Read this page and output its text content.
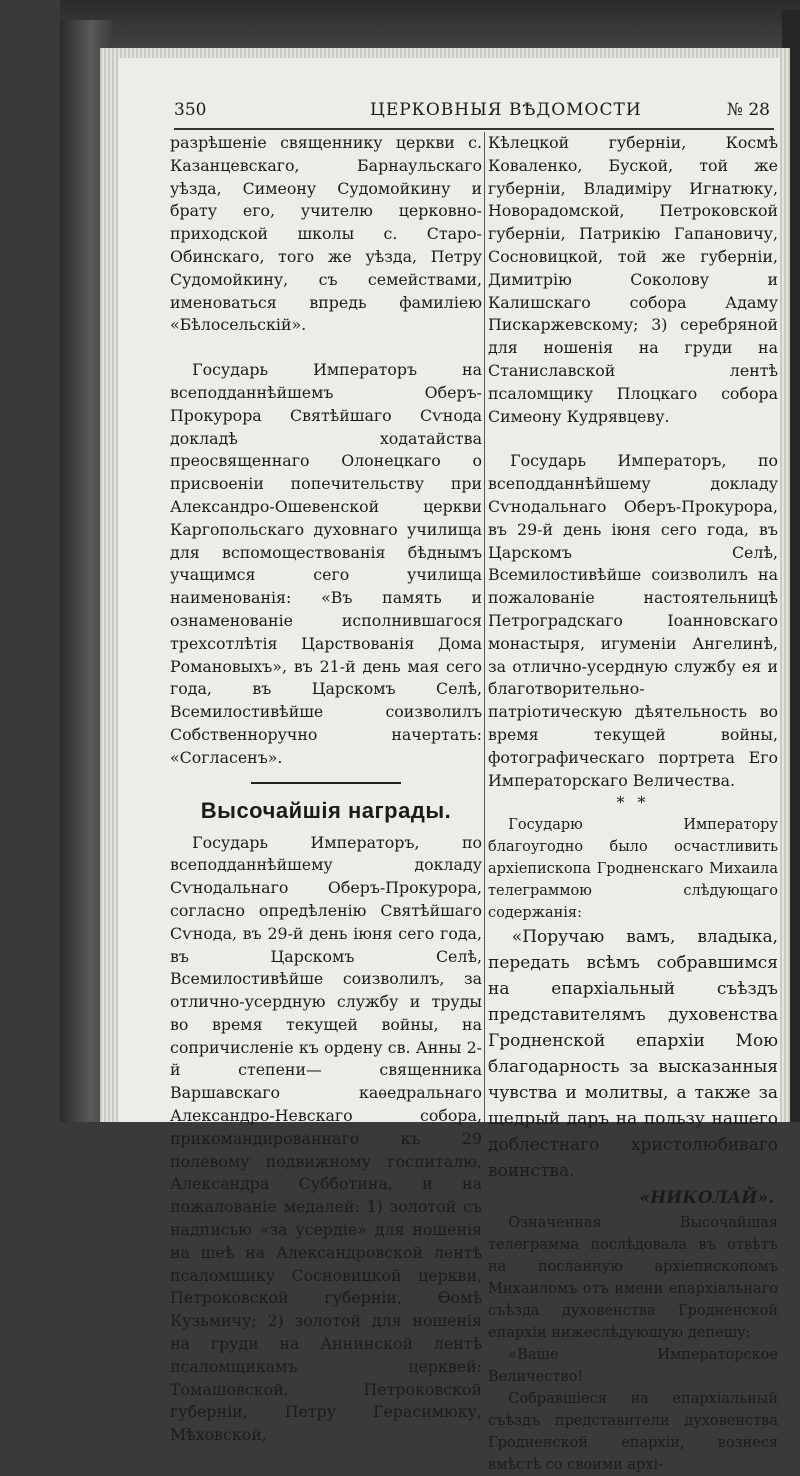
350	ЦЕРКОВНЫЯ ВѢДОМОСТИ	№ 28

разрѣшеніе священнику церкви с. Казанцевскаго, Барнаульскаго уѣзда, Симеону Судомойкину и брату его, учителю церковно-приходской школы с. Старо-Обинскаго, того же уѣзда, Петру Судомойкину, съ семействами, именоваться впредь фамиліею «Бѣлосельскій».

Государь Императоръ на всеподданнѣйшемъ Оберъ-Прокурора Святѣйшаго Сѵнода докладѣ ходатайства преосвященнаго Олонецкаго о присвоеніи попечительству при Александро-Ошевенской церкви Каргопольскаго духовнаго училища для вспомоществованія бѣднымъ учащимся сего училища наименованія: «Въ память и ознаменованіе исполнившагося трехсотлѣтія Царствованія Дома Романовыхъ», въ 21-й день мая сего года, въ Царскомъ Селѣ, Всемилостивѣйше соизволилъ Собственноручно начертать: «Согласенъ».

Высочайшія награды.

Государь Императоръ, по всеподданнѣйшему докладу Сѵнодальнаго Оберъ-Прокурора, согласно опредѣленію Святѣйшаго Сѵнода, въ 29-й день іюня сего года, въ Царскомъ Селѣ, Всемилостивѣйше соизволилъ, за отлично-усердную службу и труды во время текущей войны, на сопричисленіе къ ордену св. Анны 2-й степени— священника Варшавскаго каѳедральнаго Александро-Невскаго собора, прикомандированнаго къ 29 полевому подвижному госпиталю, Александра Субботина, и на пожалованіе медалей: 1) золотой съ надписью «за усердіе» для ношенія на шеѣ на Александровской лентѣ псаломщику Сосновицкой церкви, Петроковской губерніи, Ѳомѣ Кузьмичу; 2) золотой для ношенія на груди на Аннинской лентѣ псаломщикамъ церквей: Томашовской, Петроковской губерніи, Петру Герасимюку, Мѣховской,

Кѣлецкой губерніи, Космѣ Коваленко, Буской, той же губерніи, Владиміру Игнатюку, Новорадомской, Петроковской губерніи, Патрикію Гапановичу, Сосновицкой, той же губерніи, Димитрію Соколову и Калишскаго собора Адаму Пискаржевскому; 3) серебряной для ношенія на груди на Станиславской лентѣ псаломщику Плоцкаго собора Симеону Кудрявцеву.

Государь Императоръ, по всеподданнѣйшему докладу Сѵнодальнаго Оберъ-Прокурора, въ 29-й день іюня сего года, въ Царскомъ Селѣ, Всемилостивѣйше соизволилъ на пожалованіе настоятельницѣ Петроградскаго Іоанновскаго монастыря, игуменіи Ангелинѣ, за отлично-усердную службу ея и благотворительно-патріотическую дѣятельность во время текущей войны, фотографическаго портрета Его Императорскаго Величества.

* *

Государю Императору благоугодно было осчастливить архіепископа Гродненскаго Михаила телеграммою слѣдующаго содержанія:

«Поручаю вамъ, владыка, передать всѣмъ собравшимся на епархіальный съѣздъ представителямъ духовенства Гродненской епархіи Мою благодарность за высказанныя чувства и молитвы, а также за щедрый даръ на пользу нашего доблестнаго христолюбиваго воинства.

«НИКОЛАЙ».

Означенная Высочайшая телеграмма послѣдовала въ отвѣтъ на посланную архіепископомъ Михаиломъ отъ имени епархіальнаго съѣзда духовенства Гродненской епархіи нижеслѣдующую депешу:

«Ваше Императорское Величество!

Собравшіеся на епархіальный съѣздъ представители духовенства Гродненской епархіи, вознеся вмѣстѣ со своими архі-
